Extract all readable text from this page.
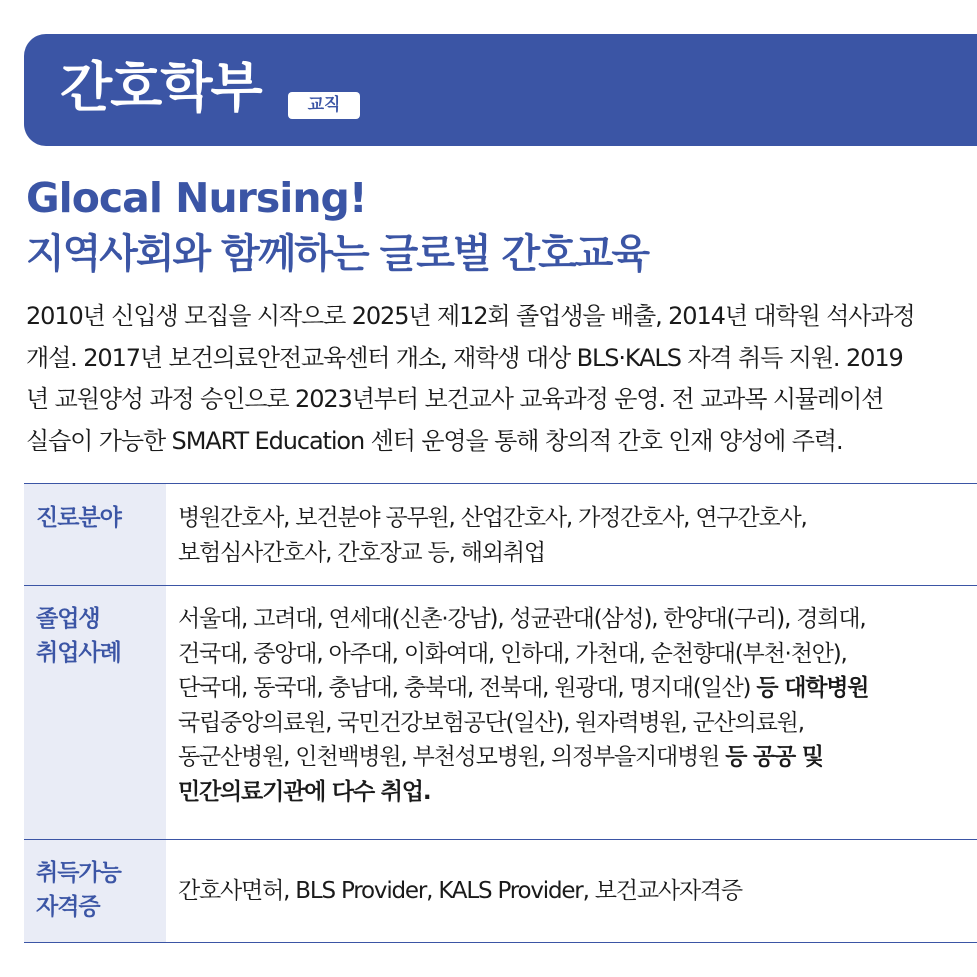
간호학부	교직
Glocal Nursing!
지역사회와 함께하는 글로벌 간호교육
2010년 신입생 모집을 시작으로 2025년 제12회 졸업생을 배출, 2014년 대학원 석사과정
개설. 2017년 보건의료안전교육센터 개소, 재학생 대상 BLS·KALS 자격 취득 지원. 2019
년 교원양성 과정 승인으로 2023년부터 보건교사 교육과정 운영. 전 교과목 시뮬레이션
실습이 가능한 SMART Education 센터 운영을 통해 창의적 간호 인재 양성에 주력.
진로분야	병원간호사, 보건분야 공무원, 산업간호사, 가정간호사, 연구간호사,
보험심사간호사, 간호장교 등, 해외취업
졸업생
취업사례
서울대, 고려대, 연세대(신촌·강남), 성균관대(삼성), 한양대(구리), 경희대,
건국대, 중앙대, 아주대, 이화여대, 인하대, 가천대, 순천향대(부천·천안),
단국대, 동국대, 충남대, 충북대, 전북대, 원광대, 명지대(일산) 등 대학병원
국립중앙의료원, 국민건강보험공단(일산), 원자력병원, 군산의료원,
동군산병원, 인천백병원, 부천성모병원, 의정부을지대병원 등 공공 및
민간의료기관에 다수 취업.
취득가능
자격증
간호사면허, BLS Provider, KALS Provider, 보건교사자격증
